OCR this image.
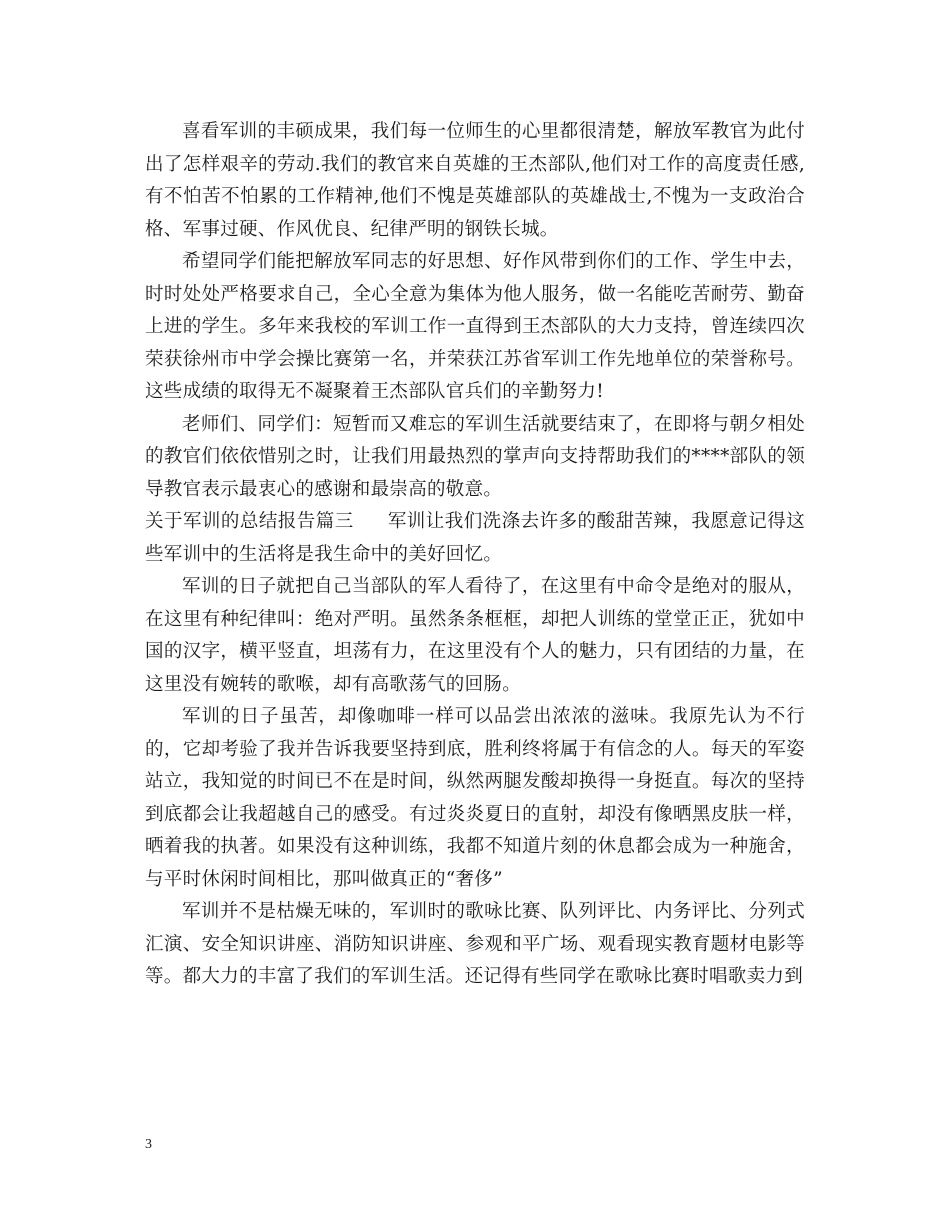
喜看军训的丰硕成果，我们每一位师生的心里都很清楚，解放军教官为此付出了怎样艰辛的劳动.我们的教官来自英雄的王杰部队,他们对工作的高度责任感,有不怕苦不怕累的工作精神,他们不愧是英雄部队的英雄战士,不愧为一支政治合格、军事过硬、作风优良、纪律严明的钢铁长城。

希望同学们能把解放军同志的好思想、好作风带到你们的工作、学生中去，时时处处严格要求自己，全心全意为集体为他人服务，做一名能吃苦耐劳、勤奋上进的学生。多年来我校的军训工作一直得到王杰部队的大力支持，曾连续四次荣获徐州市中学会操比赛第一名，并荣获江苏省军训工作先地单位的荣誉称号。这些成绩的取得无不凝聚着王杰部队官兵们的辛勤努力!

老师们、同学们：短暂而又难忘的军训生活就要结束了，在即将与朝夕相处的教官们依依惜别之时，让我们用最热烈的掌声向支持帮助我们的****部队的领导教官表示最衷心的感谢和最崇高的敬意。

关于军训的总结报告篇三 军训让我们洗涤去许多的酸甜苦辣，我愿意记得这些军训中的生活将是我生命中的美好回忆。

军训的日子就把自己当部队的军人看待了，在这里有中命令是绝对的服从，在这里有种纪律叫：绝对严明。虽然条条框框，却把人训练的堂堂正正，犹如中国的汉字，横平竖直，坦荡有力，在这里没有个人的魅力，只有团结的力量，在这里没有婉转的歌喉，却有高歌荡气的回肠。

军训的日子虽苦，却像咖啡一样可以品尝出浓浓的滋味。我原先认为不行的，它却考验了我并告诉我要坚持到底，胜利终将属于有信念的人。每天的军姿站立，我知觉的时间已不在是时间，纵然两腿发酸却换得一身挺直。每次的坚持到底都会让我超越自己的感受。有过炎炎夏日的直射，却没有像晒黑皮肤一样，晒着我的执著。如果没有这种训练，我都不知道片刻的休息都会成为一种施舍，与平时休闲时间相比，那叫做真正的“奢侈”

军训并不是枯燥无味的，军训时的歌咏比赛、队列评比、内务评比、分列式汇演、安全知识讲座、消防知识讲座、参观和平广场、观看现实教育题材电影等等。都大力的丰富了我们的军训生活。还记得有些同学在歌咏比赛时唱歌卖力到

3
